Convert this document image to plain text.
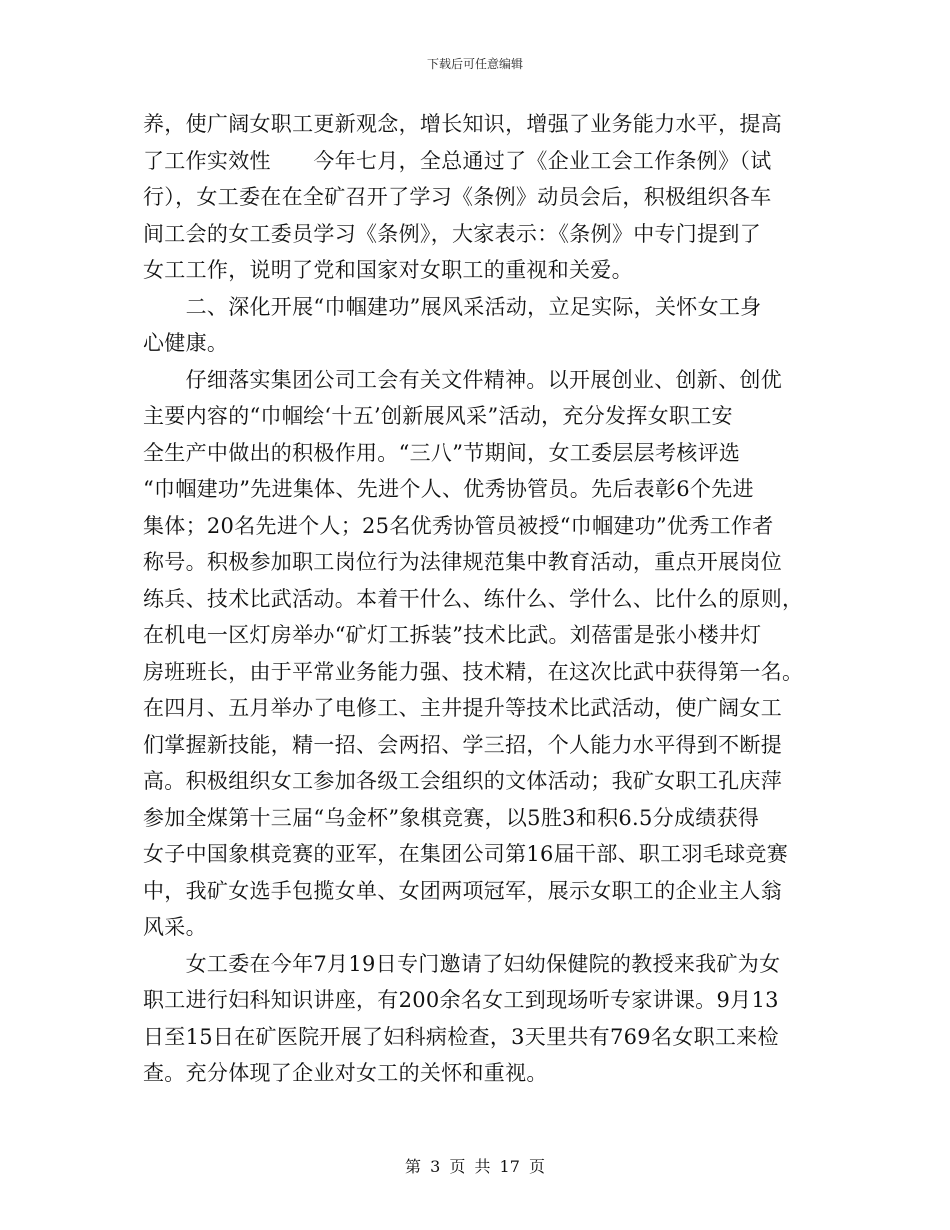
下载后可任意编辑
养，使广阔女职工更新观念，增长知识，增强了业务能力水平，提高
了工作实效性　　今年七月，全总通过了《企业工会工作条例》（试
行），女工委在在全矿召开了学习《条例》动员会后，积极组织各车
间工会的女工委员学习《条例》，大家表示：《条例》中专门提到了
女工工作，说明了党和国家对女职工的重视和关爱。
　　二、深化开展“巾帼建功”展风采活动，立足实际，关怀女工身
心健康。
　　仔细落实集团公司工会有关文件精神。以开展创业、创新、创优
主要内容的“巾帼绘‘十五’创新展风采”活动，充分发挥女职工安
全生产中做出的积极作用。“三八”节期间，女工委层层考核评选
“巾帼建功”先进集体、先进个人、优秀协管员。先后表彰6个先进
集体；20名先进个人；25名优秀协管员被授“巾帼建功”优秀工作者
称号。积极参加职工岗位行为法律规范集中教育活动，重点开展岗位
练兵、技术比武活动。本着干什么、练什么、学什么、比什么的原则，
在机电一区灯房举办“矿灯工拆装”技术比武。刘蓓雷是张小楼井灯
房班班长，由于平常业务能力强、技术精，在这次比武中获得第一名。
在四月、五月举办了电修工、主井提升等技术比武活动，使广阔女工
们掌握新技能，精一招、会两招、学三招，个人能力水平得到不断提
高。积极组织女工参加各级工会组织的文体活动；我矿女职工孔庆萍
参加全煤第十三届“乌金杯”象棋竞赛，以5胜3和积6.5分成绩获得
女子中国象棋竞赛的亚军，在集团公司第16届干部、职工羽毛球竞赛
中，我矿女选手包揽女单、女团两项冠军，展示女职工的企业主人翁
风采。
　　女工委在今年7月19日专门邀请了妇幼保健院的教授来我矿为女
职工进行妇科知识讲座，有200余名女工到现场听专家讲课。9月13
日至15日在矿医院开展了妇科病检查，3天里共有769名女职工来检
查。充分体现了企业对女工的关怀和重视。
第 3 页 共 17 页
